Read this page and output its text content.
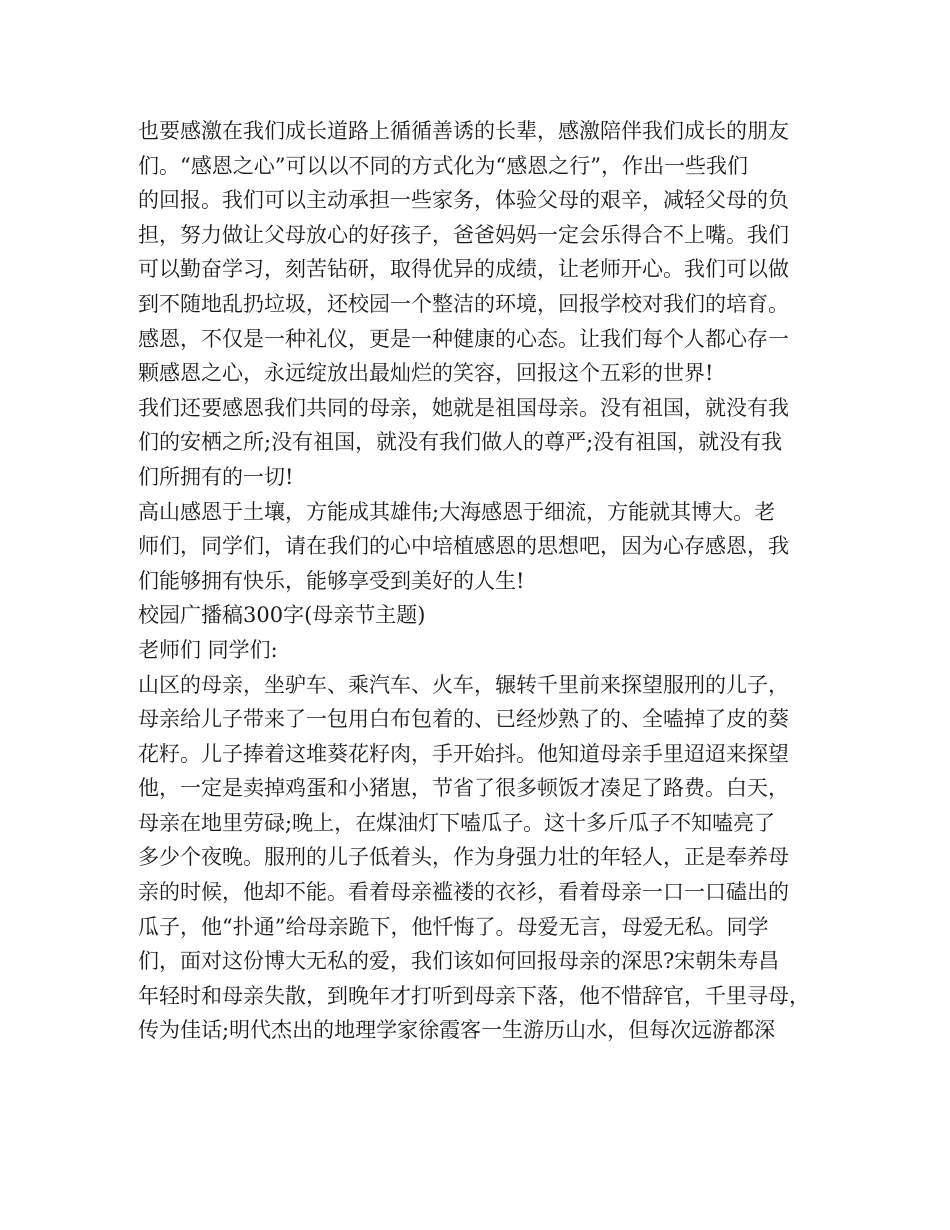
也要感激在我们成长道路上循循善诱的长辈，感激陪伴我们成长的朋友
们。“感恩之心”可以以不同的方式化为“感恩之行”，作出一些我们
的回报。我们可以主动承担一些家务，体验父母的艰辛，减轻父母的负
担，努力做让父母放心的好孩子，爸爸妈妈一定会乐得合不上嘴。我们
可以勤奋学习，刻苦钻研，取得优异的成绩，让老师开心。我们可以做
到不随地乱扔垃圾，还校园一个整洁的环境，回报学校对我们的培育。
感恩，不仅是一种礼仪，更是一种健康的心态。让我们每个人都心存一
颗感恩之心，永远绽放出最灿烂的笑容，回报这个五彩的世界!
我们还要感恩我们共同的母亲，她就是祖国母亲。没有祖国，就没有我
们的安栖之所;没有祖国，就没有我们做人的尊严;没有祖国，就没有我
们所拥有的一切!
高山感恩于土壤，方能成其雄伟;大海感恩于细流，方能就其博大。老
师们，同学们，请在我们的心中培植感恩的思想吧，因为心存感恩，我
们能够拥有快乐，能够享受到美好的人生!
校园广播稿300字(母亲节主题)
老师们 同学们:
山区的母亲，坐驴车、乘汽车、火车，辗转千里前来探望服刑的儿子，
母亲给儿子带来了一包用白布包着的、已经炒熟了的、全嗑掉了皮的葵
花籽。儿子捧着这堆葵花籽肉，手开始抖。他知道母亲手里迢迢来探望
他，一定是卖掉鸡蛋和小猪崽，节省了很多顿饭才凑足了路费。白天，
母亲在地里劳碌;晚上，在煤油灯下嗑瓜子。这十多斤瓜子不知嗑亮了
多少个夜晚。服刑的儿子低着头，作为身强力壮的年轻人，正是奉养母
亲的时候，他却不能。看着母亲褴褛的衣衫，看着母亲一口一口磕出的
瓜子，他“扑通”给母亲跪下，他忏悔了。母爱无言，母爱无私。同学
们，面对这份博大无私的爱，我们该如何回报母亲的深思?宋朝朱寿昌
年轻时和母亲失散，到晚年才打听到母亲下落，他不惜辞官，千里寻母，
传为佳话;明代杰出的地理学家徐霞客一生游历山水，但每次远游都深
